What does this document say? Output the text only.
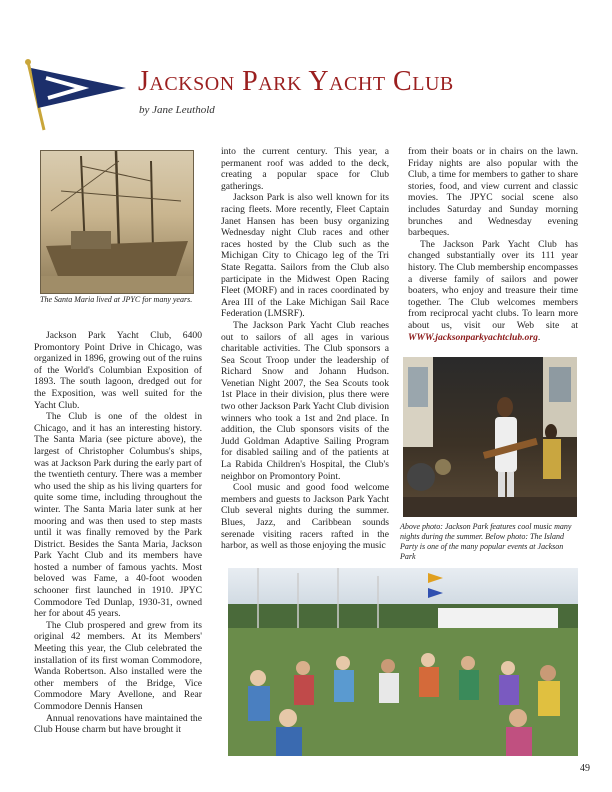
Jackson Park Yacht Club
by Jane Leuthold
The Santa Maria lived at JPYC for many years.

Jackson Park Yacht Club, 6400 Promontory Point Drive in Chicago, was organized in 1896, growing out of the ruins of the World's Columbian Exposition of 1893. The south lagoon, dredged out for the Exposition, was well suited for the Yacht Club.

The Club is one of the oldest in Chicago, and it has an interesting history. The Santa Maria (see picture above), the largest of Christopher Columbus's ships, was at Jackson Park during the early part of the twentieth century. There was a member who used the ship as his living quarters for quite some time, including throughout the winter. The Santa Maria later sunk at her mooring and was then used to step masts until it was finally removed by the Park District. Besides the Santa Maria, Jackson Park Yacht Club and its members have hosted a number of famous yachts. Most beloved was Fame, a 40-foot wooden schooner first launched in 1910. JPYC Commodore Ted Dunlap, 1930-31, owned her for about 45 years.

The Club prospered and grew from its original 42 members. At its Members' Meeting this year, the Club celebrated the installation of its first woman Commodore, Wanda Robertson. Also installed were the other members of the Bridge, Vice Commodore Mary Avellone, and Rear Commodore Dennis Hansen

Annual renovations have maintained the Club House charm but have brought it

into the current century. This year, a permanent roof was added to the deck, creating a popular space for Club gatherings.

Jackson Park is also well known for its racing fleets. More recently, Fleet Captain Janet Hansen has been busy organizing Wednesday night Club races and other races hosted by the Club such as the Michigan City to Chicago leg of the Tri State Regatta. Sailors from the Club also participate in the Midwest Open Racing Fleet (MORF) and in races coordinated by Area III of the Lake Michigan Sail Race Federation (LMSRF).

The Jackson Park Yacht Club reaches out to sailors of all ages in various charitable activities. The Club sponsors a Sea Scout Troop under the leadership of Richard Snow and Johann Hudson. Venetian Night 2007, the Sea Scouts took 1st Place in their division, plus there were two other Jackson Park Yacht Club division winners who took a 1st and 2nd place. In addition, the Club sponsors visits of the Judd Goldman Adaptive Sailing Program for disabled sailing and of the patients at La Rabida Children's Hospital, the Club's neighbor on Promontory Point.

Cool music and good food welcome members and guests to Jackson Park Yacht Club several nights during the summer. Blues, Jazz, and Caribbean sounds serenade visiting racers rafted in the harbor, as well as those enjoying the music

from their boats or in chairs on the lawn. Friday nights are also popular with the Club, a time for members to gather to share stories, food, and view current and classic movies. The JPYC social scene also includes Saturday and Sunday morning brunches and Wednesday evening barbeques.

The Jackson Park Yacht Club has changed substantially over its 111 year history. The Club membership encompasses a diverse family of sailors and power boaters, who enjoy and treasure their time together. The Club welcomes members from reciprocal yacht clubs. To learn more about us, visit our Web site at WWW.jacksonparkyachtclub.org.

Above photo: Jackson Park features cool music many nights during the summer. Below photo: The Island Party is one of the many popular events at Jackson Park
49
